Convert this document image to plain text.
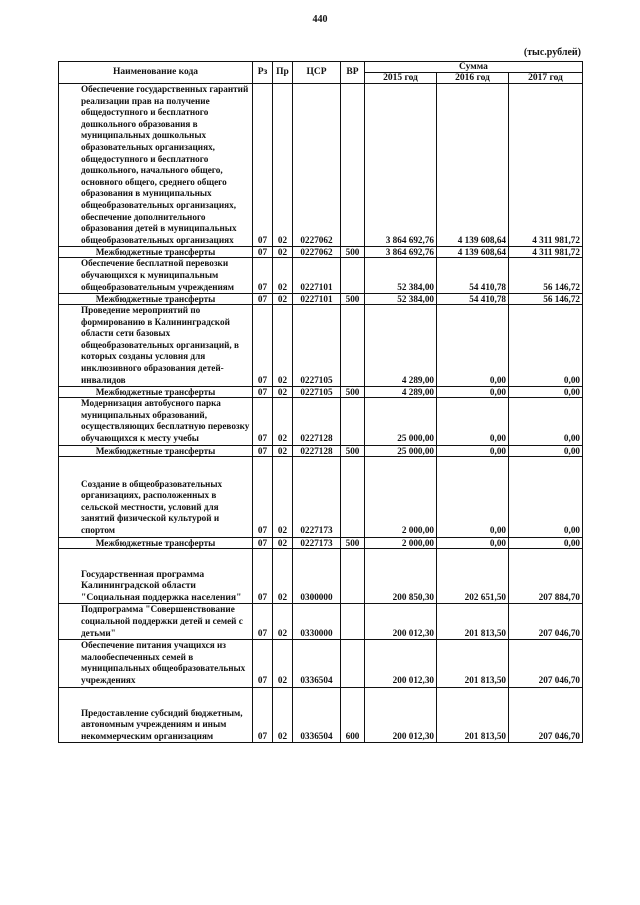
440
(тыс.рублей)
Наименование кода	Рз	Пр	ЦСР	ВР	Сумма		
					2015 год	2016 год	2017 год
Обеспечение государственных гарантий реализации прав на получение общедоступного и бесплатного дошкольного образования в муниципальных дошкольных образовательных организациях, общедоступного и бесплатного дошкольного, начального общего, основного общего, среднего общего образования в муниципальных общеобразовательных организациях, обеспечение дополнительного образования детей в муниципальных общеобразовательных организациях	07	02	0227062		3 864 692,76	4 139 608,64	4 311 981,72
Межбюджетные трансферты	07	02	0227062	500	3 864 692,76	4 139 608,64	4 311 981,72
Обеспечение бесплатной перевозки обучающихся к муниципальным общеобразовательным учреждениям	07	02	0227101		52 384,00	54 410,78	56 146,72
Межбюджетные трансферты	07	02	0227101	500	52 384,00	54 410,78	56 146,72
Проведение мероприятий по формированию в Калининградской области сети базовых общеобразовательных организаций, в которых созданы условия для инклюзивного образования детей-инвалидов	07	02	0227105		4 289,00	0,00	0,00
Межбюджетные трансферты	07	02	0227105	500	4 289,00	0,00	0,00
Модернизация автобусного парка муниципальных образований, осуществляющих бесплатную перевозку обучающихся к месту учебы	07	02	0227128		25 000,00	0,00	0,00
Межбюджетные трансферты	07	02	0227128	500	25 000,00	0,00	0,00
Создание в общеобразовательных организациях, расположенных в сельской местности, условий для занятий физической культурой и спортом	07	02	0227173		2 000,00	0,00	0,00
Межбюджетные трансферты	07	02	0227173	500	2 000,00	0,00	0,00
Государственная программа Калининградской области "Социальная поддержка населения"	07	02	0300000		200 850,30	202 651,50	207 884,70
Подпрограмма "Совершенствование социальной поддержки детей и семей с детьми"	07	02	0330000		200 012,30	201 813,50	207 046,70
Обеспечение питания учащихся из малообеспеченных семей в муниципальных общеобразовательных учреждениях	07	02	0336504		200 012,30	201 813,50	207 046,70
Предоставление субсидий бюджетным, автономным учреждениям и иным некоммерческим организациям	07	02	0336504	600	200 012,30	201 813,50	207 046,70
